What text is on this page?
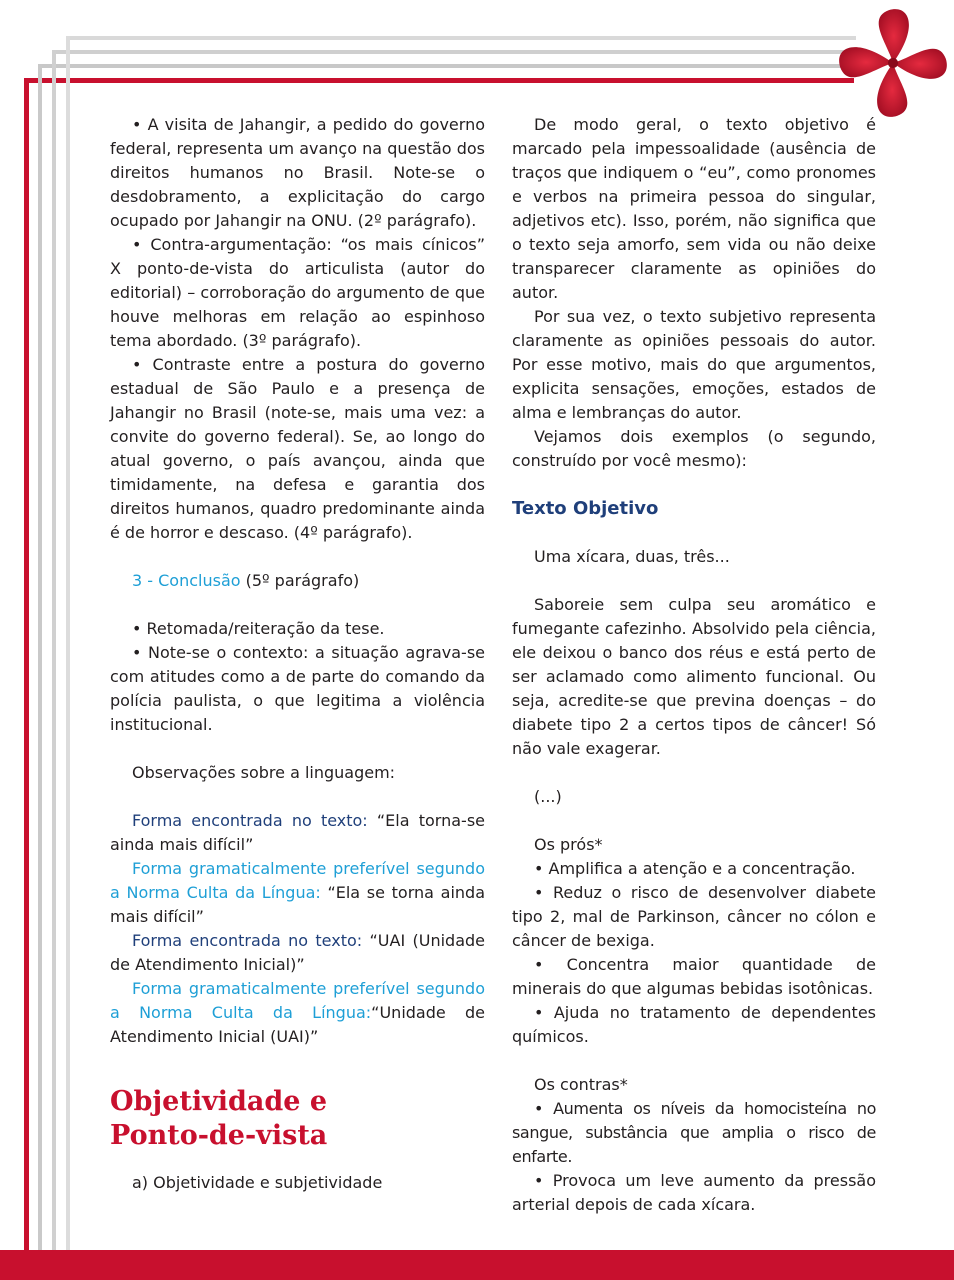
• A visita de Jahangir, a pedido do governo federal, representa um avanço na questão dos direitos humanos no Brasil. Note-se o desdobramento, a explicitação do cargo ocupado por Jahangir na ONU. (2º parágrafo).

• Contra-argumentação: “os mais cínicos” X ponto-de-vista do articulista (autor do editorial) – corroboração do argumento de que houve melhoras em relação ao espinhoso tema abordado. (3º parágrafo).

• Contraste entre a postura do governo estadual de São Paulo e a presença de Jahangir no Brasil (note-se, mais uma vez: a convite do governo federal). Se, ao longo do atual governo, o país avançou, ainda que timidamente, na defesa e garantia dos direitos humanos, quadro predominante ainda é de horror e descaso. (4º parágrafo).

3 - Conclusão (5º parágrafo)

• Retomada/reiteração da tese.

• Note-se o contexto: a situação agrava-se com atitudes como a de parte do comando da polícia paulista, o que legitima a violência institucional.

Observações sobre a linguagem:

Forma encontrada no texto: “Ela torna-se ainda mais difícil”

Forma gramaticalmente preferível segundo a Norma Culta da Língua: “Ela se torna ainda mais difícil”

Forma encontrada no texto: “UAI (Unidade de Atendimento Inicial)”

Forma gramaticalmente preferível segundo a Norma Culta da Língua:“Unidade de Atendimento Inicial (UAI)”

Objetividade e

Ponto-de-vista

a) Objetividade e subjetividade

De modo geral, o texto objetivo é marcado pela impessoalidade (ausência de traços que indiquem o “eu”, como pronomes e verbos na primeira pessoa do singular, adjetivos etc). Isso, porém, não significa que o texto seja amorfo, sem vida ou não deixe transparecer claramente as opiniões do autor.

Por sua vez, o texto subjetivo representa claramente as opiniões pessoais do autor. Por esse motivo, mais do que argumentos, explicita sensações, emoções, estados de alma e lembranças do autor.

Vejamos dois exemplos (o segundo, construído por você mesmo):

Texto Objetivo

Uma xícara, duas, três...

Saboreie sem culpa seu aromático e fumegante cafezinho. Absolvido pela ciência, ele deixou o banco dos réus e está perto de ser aclamado como alimento funcional. Ou seja, acredite-se que previna doenças – do diabete tipo 2 a certos tipos de câncer! Só não vale exagerar.

(...)

Os prós*

• Amplifica a atenção e a concentração.

• Reduz o risco de desenvolver diabete tipo 2, mal de Parkinson, câncer no cólon e câncer de bexiga.

• Concentra maior quantidade de minerais do que algumas bebidas isotônicas.

• Ajuda no tratamento de dependentes químicos.

Os contras*

• Aumenta os níveis da homocisteína no sangue, substância que amplia o risco de enfarte.

• Provoca um leve aumento da pressão arterial depois de cada xícara.
